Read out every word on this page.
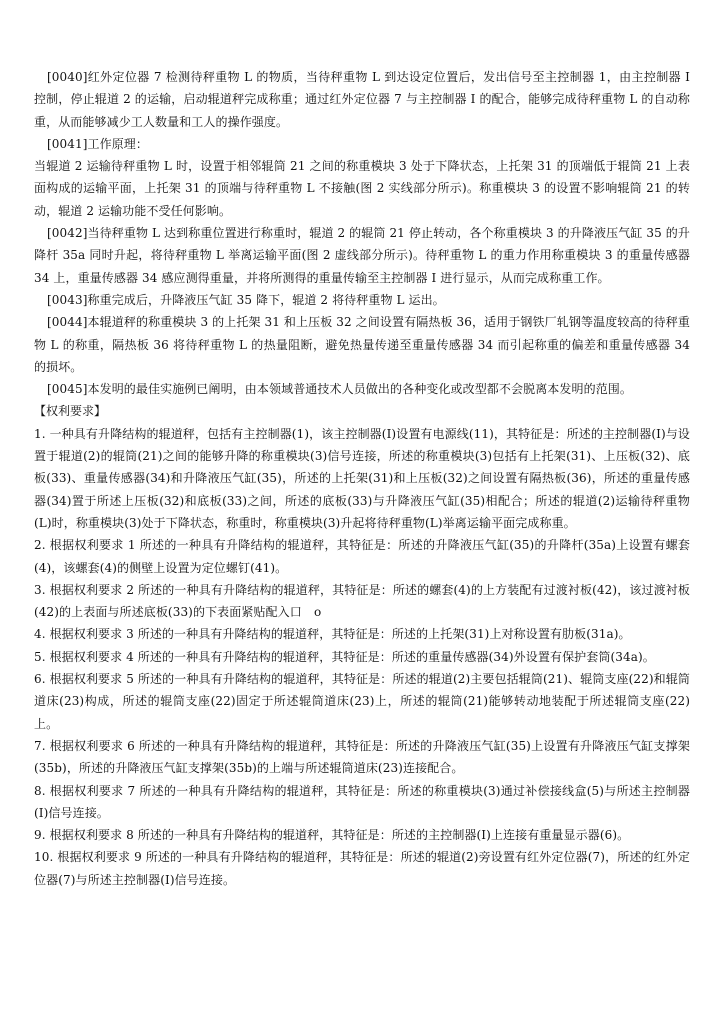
[0040]红外定位器 7 检测待秤重物 L 的物质，当待秤重物 L 到达设定位置后，发出信号至主控制器 1，由主控制器 I 控制，停止辊道 2 的运输，启动辊道秤完成称重；通过红外定位器 7 与主控制器 I 的配合，能够完成待秤重物 L 的自动称重，从而能够减少工人数量和工人的操作强度。

[0041]工作原理：

当辊道 2 运输待秤重物 L 时，设置于相邻辊筒 21 之间的称重模块 3 处于下降状态，上托架 31 的顶端低于辊筒 21 上表面构成的运输平面，上托架 31 的顶端与待秤重物 L 不接触(图 2 实线部分所示)。称重模块 3 的设置不影响辊筒 21 的转动，辊道 2 运输功能不受任何影响。

[0042]当待秤重物 L 达到称重位置进行称重时，辊道 2 的辊筒 21 停止转动，各个称重模块 3 的升降液压气缸 35 的升降杆 35a 同时升起，将待秤重物 L 举离运输平面(图 2 虚线部分所示)。待秤重物 L 的重力作用称重模块 3 的重量传感器 34 上，重量传感器 34 感应测得重量，并将所测得的重量传输至主控制器 I 进行显示，从而完成称重工作。

[0043]称重完成后，升降液压气缸 35 降下，辊道 2 将待秤重物 L 运出。

[0044]本辊道秤的称重模块 3 的上托架 31 和上压板 32 之间设置有隔热板 36，适用于钢铁厂轧钢等温度较高的待秤重物 L 的称重，隔热板 36 将待秤重物 L 的热量阻断，避免热量传递至重量传感器 34 而引起称重的偏差和重量传感器 34 的损坏。

[0045]本发明的最佳实施例已阐明，由本领域普通技术人员做出的各种变化或改型都不会脱离本发明的范围。

【权利要求】

1. 一种具有升降结构的辊道秤，包括有主控制器(1)，该主控制器(I)设置有电源线(11)，其特征是：所述的主控制器(I)与设置于辊道(2)的辊筒(21)之间的能够升降的称重模块(3)信号连接，所述的称重模块(3)包括有上托架(31)、上压板(32)、底板(33)、重量传感器(34)和升降液压气缸(35)，所述的上托架(31)和上压板(32)之间设置有隔热板(36)，所述的重量传感器(34)置于所述上压板(32)和底板(33)之间，所述的底板(33)与升降液压气缸(35)相配合；所述的辊道(2)运输待秤重物(L)时，称重模块(3)处于下降状态，称重时，称重模块(3)升起将待秤重物(L)举离运输平面完成称重。

2. 根据权利要求 1 所述的一种具有升降结构的辊道秤，其特征是：所述的升降液压气缸(35)的升降杆(35a)上设置有螺套(4)，该螺套(4)的侧壁上设置为定位螺钉(41)。

3. 根据权利要求 2 所述的一种具有升降结构的辊道秤，其特征是：所述的螺套(4)的上方装配有过渡衬板(42)，该过渡衬板(42)的上表面与所述底板(33)的下表面紧贴配入口　o

4. 根据权利要求 3 所述的一种具有升降结构的辊道秤，其特征是：所述的上托架(31)上对称设置有肋板(31a)。

5. 根据权利要求 4 所述的一种具有升降结构的辊道秤，其特征是：所述的重量传感器(34)外设置有保护套筒(34a)。

6. 根据权利要求 5 所述的一种具有升降结构的辊道秤，其特征是：所述的辊道(2)主要包括辊筒(21)、辊筒支座(22)和辊筒道床(23)构成，所述的辊筒支座(22)固定于所述辊筒道床(23)上，所述的辊筒(21)能够转动地装配于所述辊筒支座(22)上。

7. 根据权利要求 6 所述的一种具有升降结构的辊道秤，其特征是：所述的升降液压气缸(35)上设置有升降液压气缸支撑架(35b)，所述的升降液压气缸支撑架(35b)的上端与所述辊筒道床(23)连接配合。

8. 根据权利要求 7 所述的一种具有升降结构的辊道秤，其特征是：所述的称重模块(3)通过补偿接线盒(5)与所述主控制器(I)信号连接。

9. 根据权利要求 8 所述的一种具有升降结构的辊道秤，其特征是：所述的主控制器(I)上连接有重量显示器(6)。

10. 根据权利要求 9 所述的一种具有升降结构的辊道秤，其特征是：所述的辊道(2)旁设置有红外定位器(7)，所述的红外定位器(7)与所述主控制器(I)信号连接。
